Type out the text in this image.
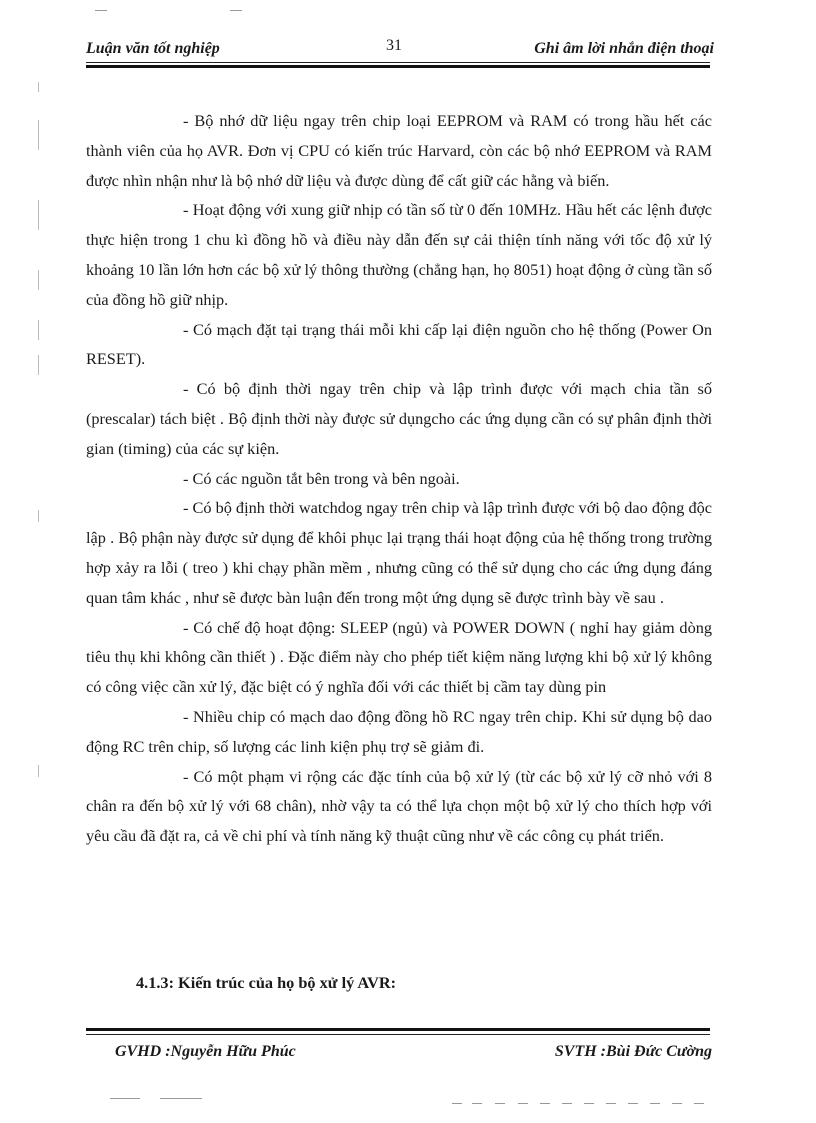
Luận văn tốt nghiệp	31	Ghi âm lời nhắn điện thoại

- Bộ nhớ dữ liệu ngay trên chip loại EEPROM và RAM có trong hầu hết các thành viên của họ AVR. Đơn vị CPU có kiến trúc Harvard, còn các bộ nhớ EEPROM và RAM được nhìn nhận như là bộ nhớ dữ liệu và được dùng để cất giữ các hằng và biến.

- Hoạt động với xung giữ nhịp có tần số từ 0 đến 10MHz. Hầu hết các lệnh được thực hiện trong 1 chu kì đồng hồ và điều này dẫn đến sự cải thiện tính năng với tốc độ xử lý khoảng 10 lần lớn hơn các bộ xử lý thông thường (chẳng hạn, họ 8051) hoạt động ở cùng tần số của đồng hồ giữ nhịp.

- Có mạch đặt tại trạng thái mỗi khi cấp lại điện nguồn cho hệ thống (Power On RESET).

- Có bộ định thời ngay trên chip và lập trình được với mạch chia tần số (prescalar) tách biệt . Bộ định thời này được sử dụngcho các ứng dụng cần có sự phân định thời gian (timing) của các sự kiện.

- Có các nguồn tắt bên trong và bên ngoài.

- Có bộ định thời watchdog ngay trên chip và lập trình được với bộ dao động độc lập . Bộ phận này được sử dụng để khôi phục lại trạng thái hoạt động của hệ thống trong trường hợp xảy ra lỗi ( treo ) khi chạy phần mềm , nhưng cũng có thể sử dụng cho các ứng dụng đáng quan tâm khác , như sẽ được bàn luận đến trong một ứng dụng sẽ được trình bày về sau .

- Có chế độ hoạt động: SLEEP (ngủ) và POWER DOWN ( nghỉ hay giảm dòng tiêu thụ khi không cần thiết ) . Đặc điểm này cho phép tiết kiệm năng lượng khi bộ xử lý không có công việc cần xử lý, đặc biệt có ý nghĩa đối với các thiết bị cầm tay dùng pin

- Nhiều chip có mạch dao động đồng hồ RC ngay trên chip. Khi sử dụng bộ dao động RC trên chip, số lượng các linh kiện phụ trợ sẽ giảm đi.

- Có một phạm vi rộng các đặc tính của bộ xử lý (từ các bộ xử lý cỡ nhỏ với 8 chân ra đến bộ xử lý với 68 chân), nhờ vậy ta có thể lựa chọn một bộ xử lý cho thích hợp với yêu cầu đã đặt ra, cả về chi phí và tính năng kỹ thuật cũng như về các công cụ phát triển.

4.1.3: Kiến trúc của họ bộ xử lý AVR:
GVHD :Nguyễn Hữu Phúc	SVTH :Bùi Đức Cường
